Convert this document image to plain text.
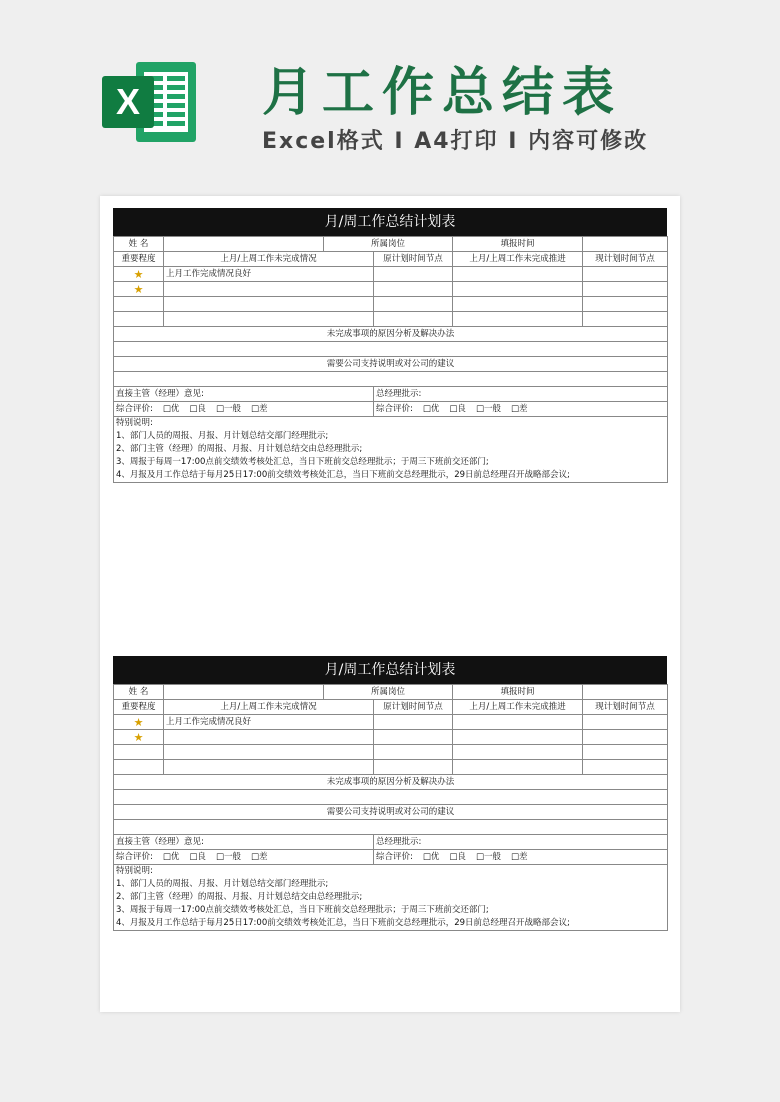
X 月工作总结表
Excel格式 I A4打印 I 内容可修改
月/周工作总结计划表
姓 名		所属岗位		填报时间	
重要程度	上月/上周工作未完成情况		原计划时间节点	上月/上周工作未完成推进	现计划时间节点
★	上月工作完成情况良好				
★					

未完成事项的原因分析及解决办法					

需要公司支持说明或对公司的建议					

直接主管（经理）意见:			总经理批示:		
综合评价: □优 □良 □一般 □差			综合评价: □优 □良 □一般 □差		

特别说明:
1、部门人员的周报、月报、月计划总结交部门经理批示;
2、部门主管（经理）的周报、月报、月计划总结交由总经理批示;
3、周报于每周一17:00点前交绩效考核处汇总，当日下班前交总经理批示；于周三下班前交还部门;
4、月报及月工作总结于每月25日17:00前交绩效考核处汇总，当日下班前交总经理批示，29日前总经理召开战略部会议;					
月/周工作总结计划表
姓 名		所属岗位		填报时间	
重要程度	上月/上周工作未完成情况		原计划时间节点	上月/上周工作未完成推进	现计划时间节点
★	上月工作完成情况良好				
★					

未完成事项的原因分析及解决办法					

需要公司支持说明或对公司的建议					

直接主管（经理）意见:			总经理批示:		
综合评价: □优 □良 □一般 □差			综合评价: □优 □良 □一般 □差		

特别说明:
1、部门人员的周报、月报、月计划总结交部门经理批示;
2、部门主管（经理）的周报、月报、月计划总结交由总经理批示;
3、周报于每周一17:00点前交绩效考核处汇总，当日下班前交总经理批示；于周三下班前交还部门;
4、月报及月工作总结于每月25日17:00前交绩效考核处汇总，当日下班前交总经理批示，29日前总经理召开战略部会议;					
